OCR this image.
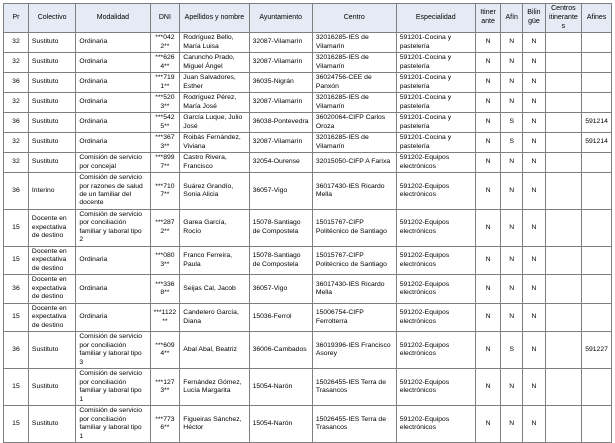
Pr	Colectivo	Modalidad	DNI	Apellidos y nombre	Ayuntamiento	Centro	Especialidad	Itinerante	Afín	Bilingüe	Centros itinerantes	Afines
32	Sustituto	Ordinaria	***0422**	Rodríguez Bello, María Luisa	32087-Vilamarín	32016285-IES de Vilamarín	591201-Cocina y pastelería	N	N	N		
32	Sustituto	Ordinaria	***6264**	Caruncho Prado, Miguel Ángel	32087-Vilamarín	32016285-IES de Vilamarín	591201-Cocina y pastelería	N	N	N		
36	Sustituto	Ordinaria	***7191**	Juan Salvadores, Esther	36035-Nigrán	36024756-CEE de Panxón	591201-Cocina y pastelería	N	N	N		
32	Sustituto	Ordinaria	***5203**	Rodríguez Pérez, María José	32087-Vilamarín	32016285-IES de Vilamarín	591201-Cocina y pastelería	N	N	N		
36	Sustituto	Ordinaria	***5425**	García Luque, Julio José	36038-Pontevedra	36020064-CIFP Carlos Oroza	591201-Cocina y pastelería	N	S	N		591214
32	Sustituto	Ordinaria	***3673**	Roibás Fernández, Viviana	32087-Vilamarín	32016285-IES de Vilamarín	591201-Cocina y pastelería	N	S	N		591214
32	Sustituto	Comisión de servicio por concejal	***8997**	Castro Rivera, Francisco	32054-Ourense	32015050-CIFP A Farixa	591202-Equipos electrónicos	N	N	N		
36	Interino	Comisión de servicio por razones de salud de un familiar del docente	***7107**	Suárez Grandío, Sonia Alicia	36057-Vigo	36017430-IES Ricardo Mella	591202-Equipos electrónicos	N	N	N		
15	Docente en expectativa de destino	Comisión de servicio por conciliación familiar y laboral tipo 2	***2872**	Garea García, Rocío	15078-Santiago de Compostela	15015767-CIFP Politécnico de Santiago	591202-Equipos electrónicos	N	N	N		
15	Docente en expectativa de destino	Ordinaria	***0803**	Franco Ferreira, Paula	15078-Santiago de Compostela	15015767-CIFP Politécnico de Santiago	591202-Equipos electrónicos	N	N	N		
36	Docente en expectativa de destino	Ordinaria	***3368**	Seijas Cal, Jacob	36057-Vigo	36017430-IES Ricardo Mella	591202-Equipos electrónicos	N	N	N		
15	Docente en expectativa de destino	Ordinaria	***1122**	Candelero García, Diana	15036-Ferrol	15006754-CIFP Ferrolterra	591202-Equipos electrónicos	N	N	N		
36	Sustituto	Comisión de servicio por conciliación familiar y laboral tipo 3	***6094**	Abal Abal, Beatriz	36006-Cambados	36019396-IES Francisco Asorey	591202-Equipos electrónicos	N	S	N		591227
15	Sustituto	Comisión de servicio por conciliación familiar y laboral tipo 1	***1273**	Fernández Gómez, Lucía Margarita	15054-Narón	15026455-IES Terra de Trasancos	591202-Equipos electrónicos	N	N	N		
15	Sustituto	Comisión de servicio por conciliación familiar y laboral tipo 1	***7736**	Figueiras Sánchez, Héctor	15054-Narón	15026455-IES Terra de Trasancos	591202-Equipos electrónicos	N	N	N		
